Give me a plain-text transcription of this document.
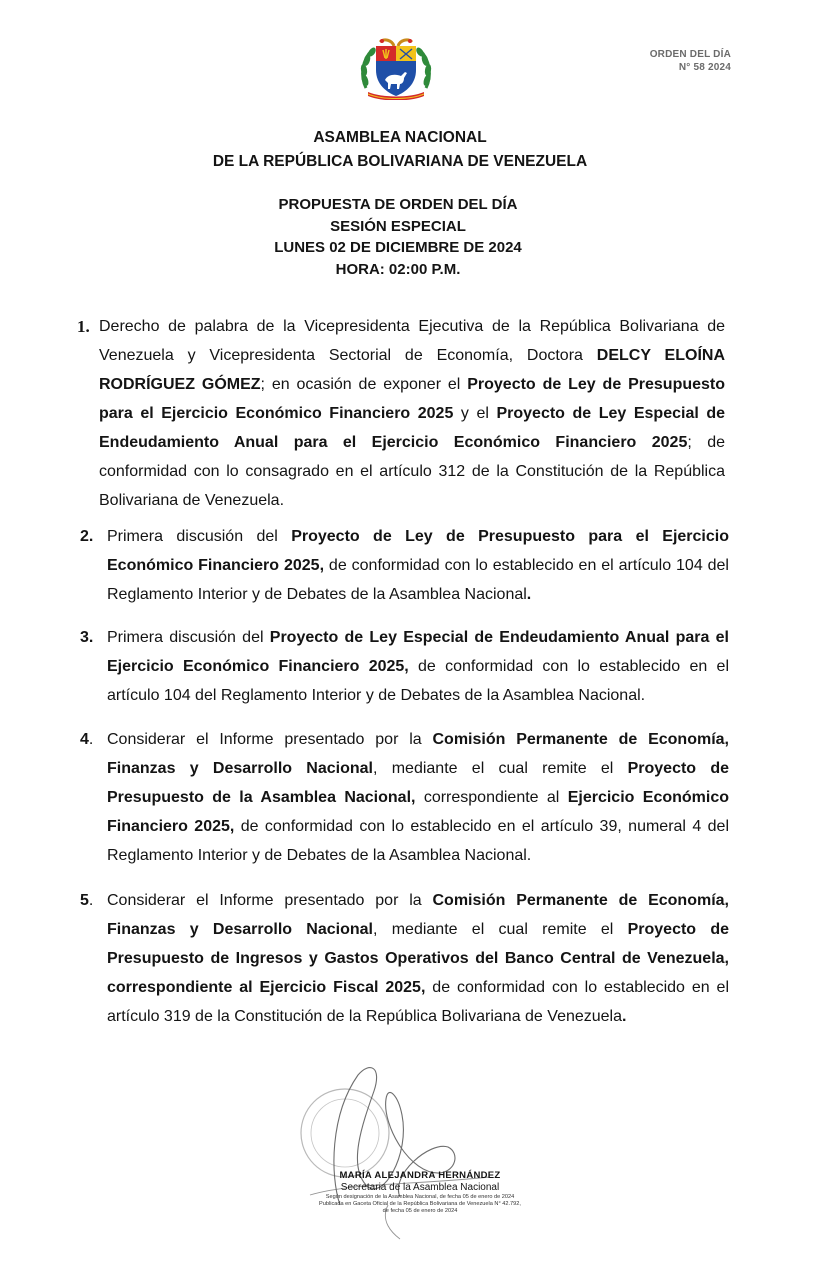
ORDEN DEL DÍA
N° 58 2024
ASAMBLEA NACIONAL
DE LA REPÚBLICA BOLIVARIANA DE VENEZUELA
PROPUESTA DE ORDEN DEL DÍA
SESIÓN ESPECIAL
LUNES 02 DE DICIEMBRE DE 2024
HORA: 02:00 P.M.
1. Derecho de palabra de la Vicepresidenta Ejecutiva de la República Bolivariana de Venezuela y Vicepresidenta Sectorial de Economía, Doctora DELCY ELOÍNA RODRÍGUEZ GÓMEZ; en ocasión de exponer el Proyecto de Ley de Presupuesto para el Ejercicio Económico Financiero 2025 y el Proyecto de Ley Especial de Endeudamiento Anual para el Ejercicio Económico Financiero 2025; de conformidad con lo consagrado en el artículo 312 de la Constitución de la República Bolivariana de Venezuela.
2. Primera discusión del Proyecto de Ley de Presupuesto para el Ejercicio Económico Financiero 2025, de conformidad con lo establecido en el artículo 104 del Reglamento Interior y de Debates de la Asamblea Nacional.
3. Primera discusión del Proyecto de Ley Especial de Endeudamiento Anual para el Ejercicio Económico Financiero 2025, de conformidad con lo establecido en el artículo 104 del Reglamento Interior y de Debates de la Asamblea Nacional.
4. Considerar el Informe presentado por la Comisión Permanente de Economía, Finanzas y Desarrollo Nacional, mediante el cual remite el Proyecto de Presupuesto de la Asamblea Nacional, correspondiente al Ejercicio Económico Financiero 2025, de conformidad con lo establecido en el artículo 39, numeral 4 del Reglamento Interior y de Debates de la Asamblea Nacional.
5. Considerar el Informe presentado por la Comisión Permanente de Economía, Finanzas y Desarrollo Nacional, mediante el cual remite el Proyecto de Presupuesto de Ingresos y Gastos Operativos del Banco Central de Venezuela, correspondiente al Ejercicio Fiscal 2025, de conformidad con lo establecido en el artículo 319 de la Constitución de la República Bolivariana de Venezuela.
MARÍA ALEJANDRA HERNÁNDEZ
Secretaria de la Asamblea Nacional
Según designación de la Asamblea Nacional, de fecha 05 de enero de 2024
Publicada en Gaceta Oficial de la República Bolivariana de Venezuela N° 42.792,
de fecha 05 de enero de 2024
